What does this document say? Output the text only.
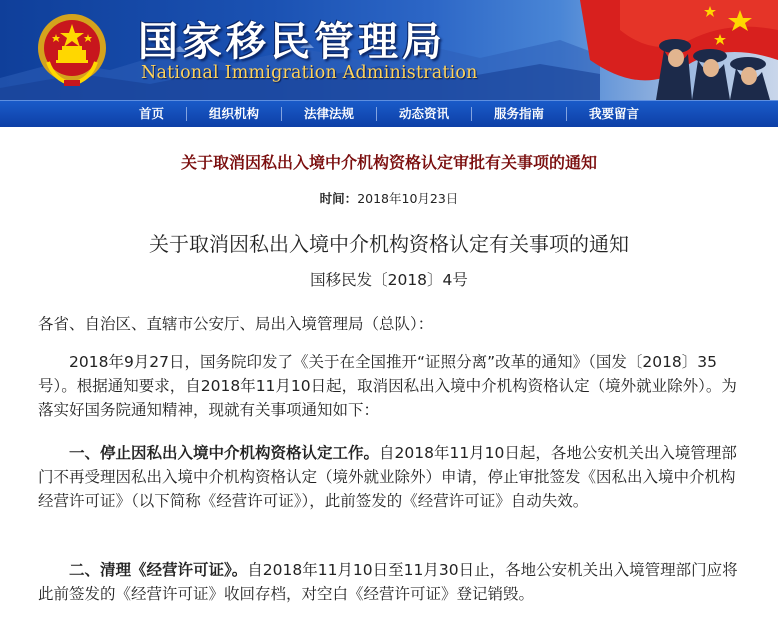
国家移民管理局
National Immigration Administration
首页	组织机构	法律法规	动态资讯	服务指南	我要留言
关于取消因私出入境中介机构资格认定审批有关事项的通知
时间：2018年10月23日
关于取消因私出入境中介机构资格认定有关事项的通知
国移民发〔2018〕4号
各省、自治区、直辖市公安厅、局出入境管理局（总队）：
2018年9月27日，国务院印发了《关于在全国推开“证照分离”改革的通知》（国发〔2018〕35号）。根据通知要求，自2018年11月10日起，取消因私出入境中介机构资格认定（境外就业除外）。为落实好国务院通知精神，现就有关事项通知如下：
一、停止因私出入境中介机构资格认定工作。自2018年11月10日起，各地公安机关出入境管理部门不再受理因私出入境中介机构资格认定（境外就业除外）申请，停止审批签发《因私出入境中介机构经营许可证》（以下简称《经营许可证》），此前签发的《经营许可证》自动失效。
二、清理《经营许可证》。自2018年11月10日至11月30日止，各地公安机关出入境管理部门应将此前签发的《经营许可证》收回存档，对空白《经营许可证》登记销毁。
